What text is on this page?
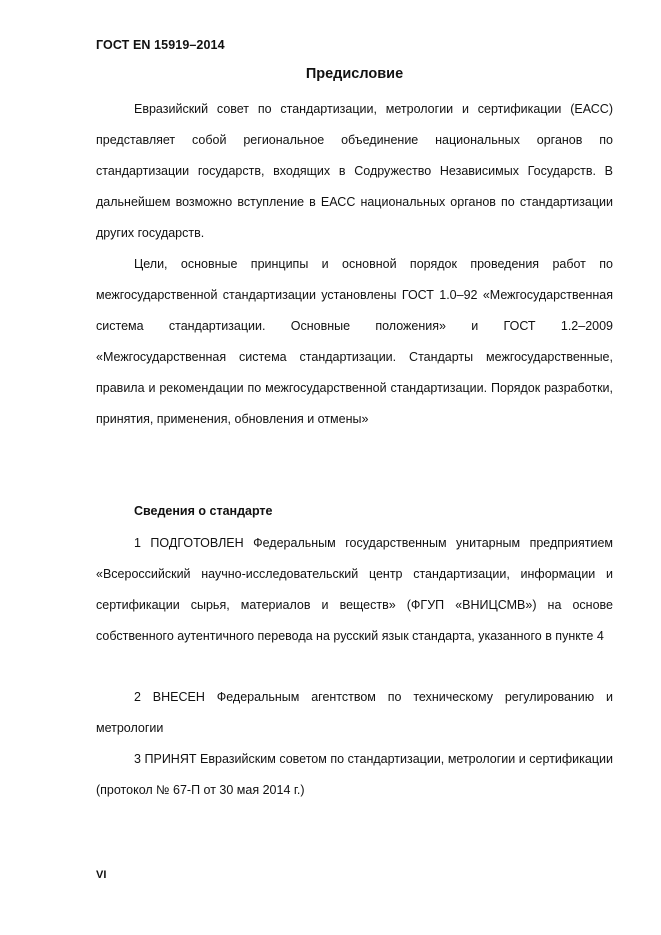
ГОСТ EN 15919–2014
Предисловие

Евразийский совет по стандартизации, метрологии и сертификации (ЕАСС) представляет собой региональное объединение национальных органов по стандартизации государств, входящих в Содружество Независимых Государств. В дальнейшем возможно вступление в ЕАСС национальных органов по стандартизации других государств.

Цели, основные принципы и основной порядок проведения работ по межгосударственной стандартизации установлены ГОСТ 1.0–92 «Межгосударственная система стандартизации. Основные положения» и ГОСТ 1.2–2009 «Межгосударственная система стандартизации. Стандарты межгосударственные, правила и рекомендации по межгосударственной стандартизации. Порядок разработки, принятия, применения, обновления и отмены»

Сведения о стандарте

1 ПОДГОТОВЛЕН Федеральным государственным унитарным предприятием «Всероссийский научно-исследовательский центр стандартизации, информации и сертификации сырья, материалов и веществ» (ФГУП «ВНИЦСМВ») на основе собственного аутентичного перевода на русский язык стандарта, указанного в пункте 4

2 ВНЕСЕН Федеральным агентством по техническому регулированию и метрологии

3 ПРИНЯТ Евразийским советом по стандартизации, метрологии и сертификации (протокол № 67-П от 30 мая 2014 г.)

VI
